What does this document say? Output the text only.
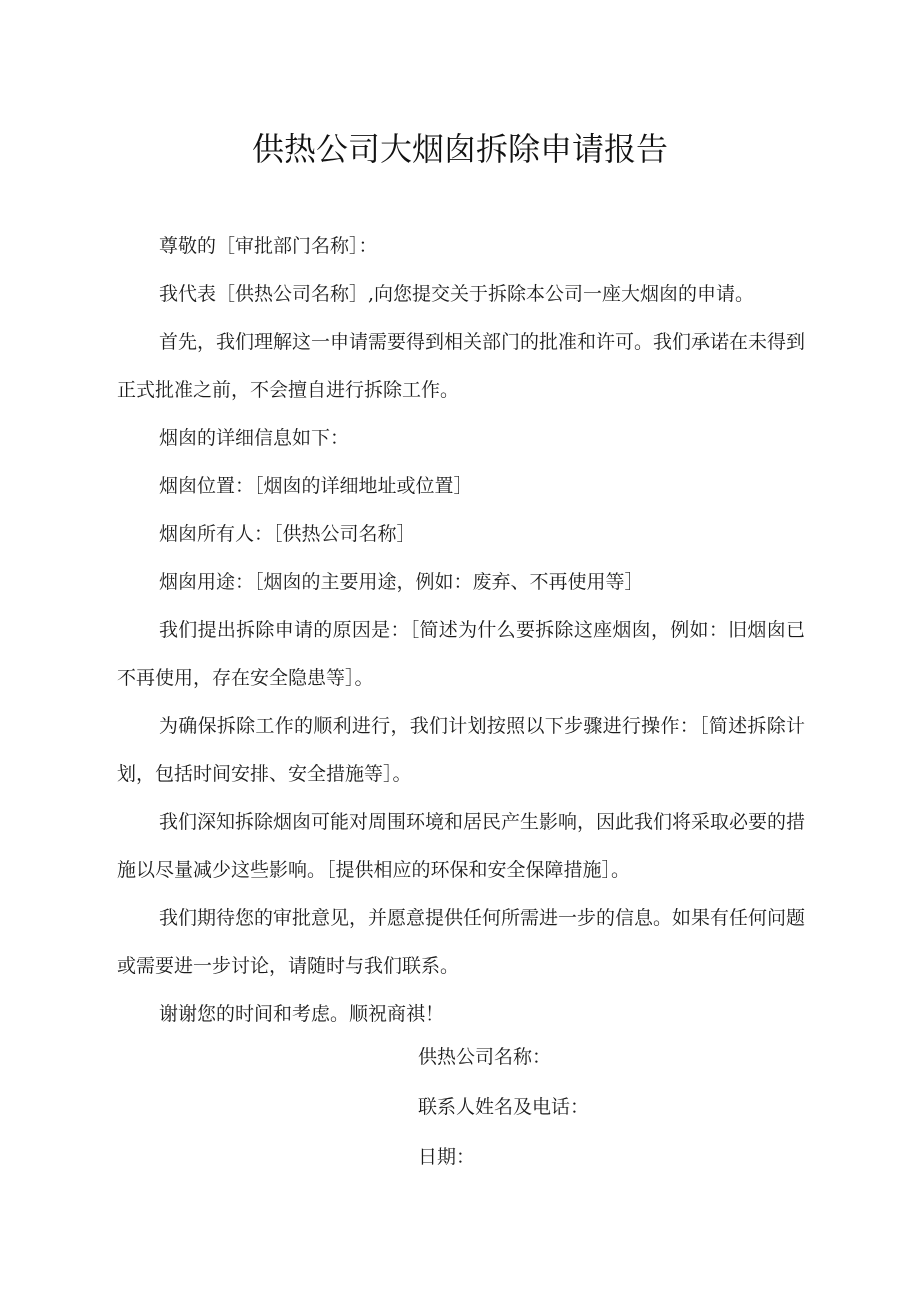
供热公司大烟囱拆除申请报告

尊敬的［审批部门名称］：

我代表［供热公司名称］,向您提交关于拆除本公司一座大烟囱的申请。

首先，我们理解这一申请需要得到相关部门的批准和许可。我们承诺在未得到正式批准之前，不会擅自进行拆除工作。

烟囱的详细信息如下：

烟囱位置：［烟囱的详细地址或位置］

烟囱所有人：［供热公司名称］

烟囱用途：［烟囱的主要用途，例如：废弃、不再使用等］

我们提出拆除申请的原因是：［简述为什么要拆除这座烟囱，例如：旧烟囱已不再使用，存在安全隐患等］。

为确保拆除工作的顺利进行，我们计划按照以下步骤进行操作：［简述拆除计划，包括时间安排、安全措施等］。

我们深知拆除烟囱可能对周围环境和居民产生影响，因此我们将采取必要的措施以尽量减少这些影响。［提供相应的环保和安全保障措施］。

我们期待您的审批意见，并愿意提供任何所需进一步的信息。如果有任何问题或需要进一步讨论，请随时与我们联系。

谢谢您的时间和考虑。顺祝商祺！

供热公司名称：
联系人姓名及电话：
日期：
